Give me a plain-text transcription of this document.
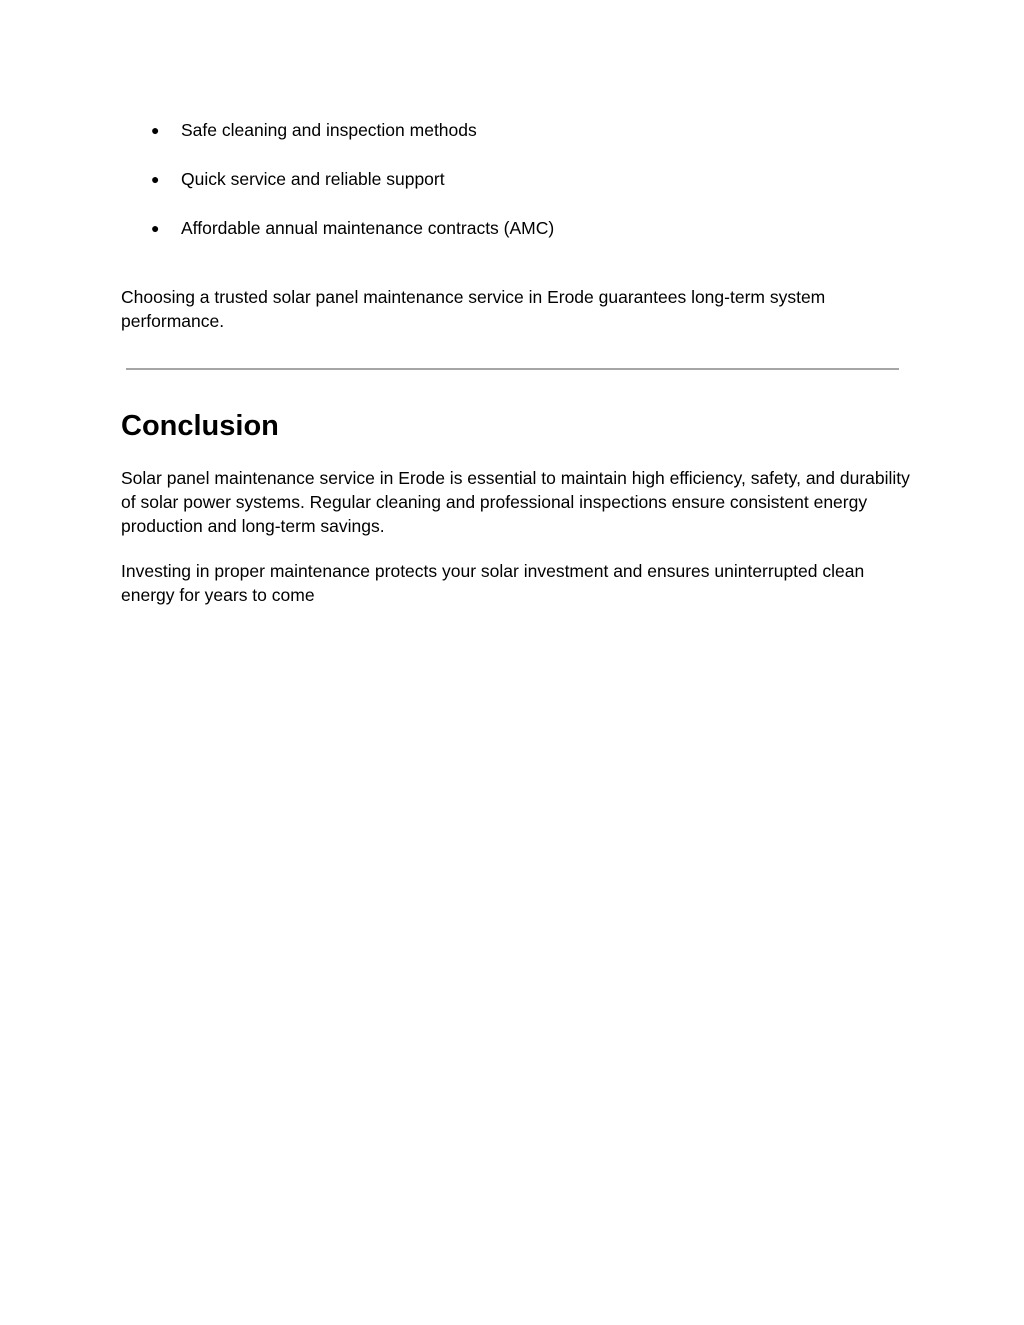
● Safe cleaning and inspection methods
● Quick service and reliable support
● Affordable annual maintenance contracts (AMC)

Choosing a trusted solar panel maintenance service in Erode guarantees long-term system performance.

Conclusion

Solar panel maintenance service in Erode is essential to maintain high efficiency, safety, and durability of solar power systems. Regular cleaning and professional inspections ensure consistent energy production and long-term savings.

Investing in proper maintenance protects your solar investment and ensures uninterrupted clean energy for years to come
